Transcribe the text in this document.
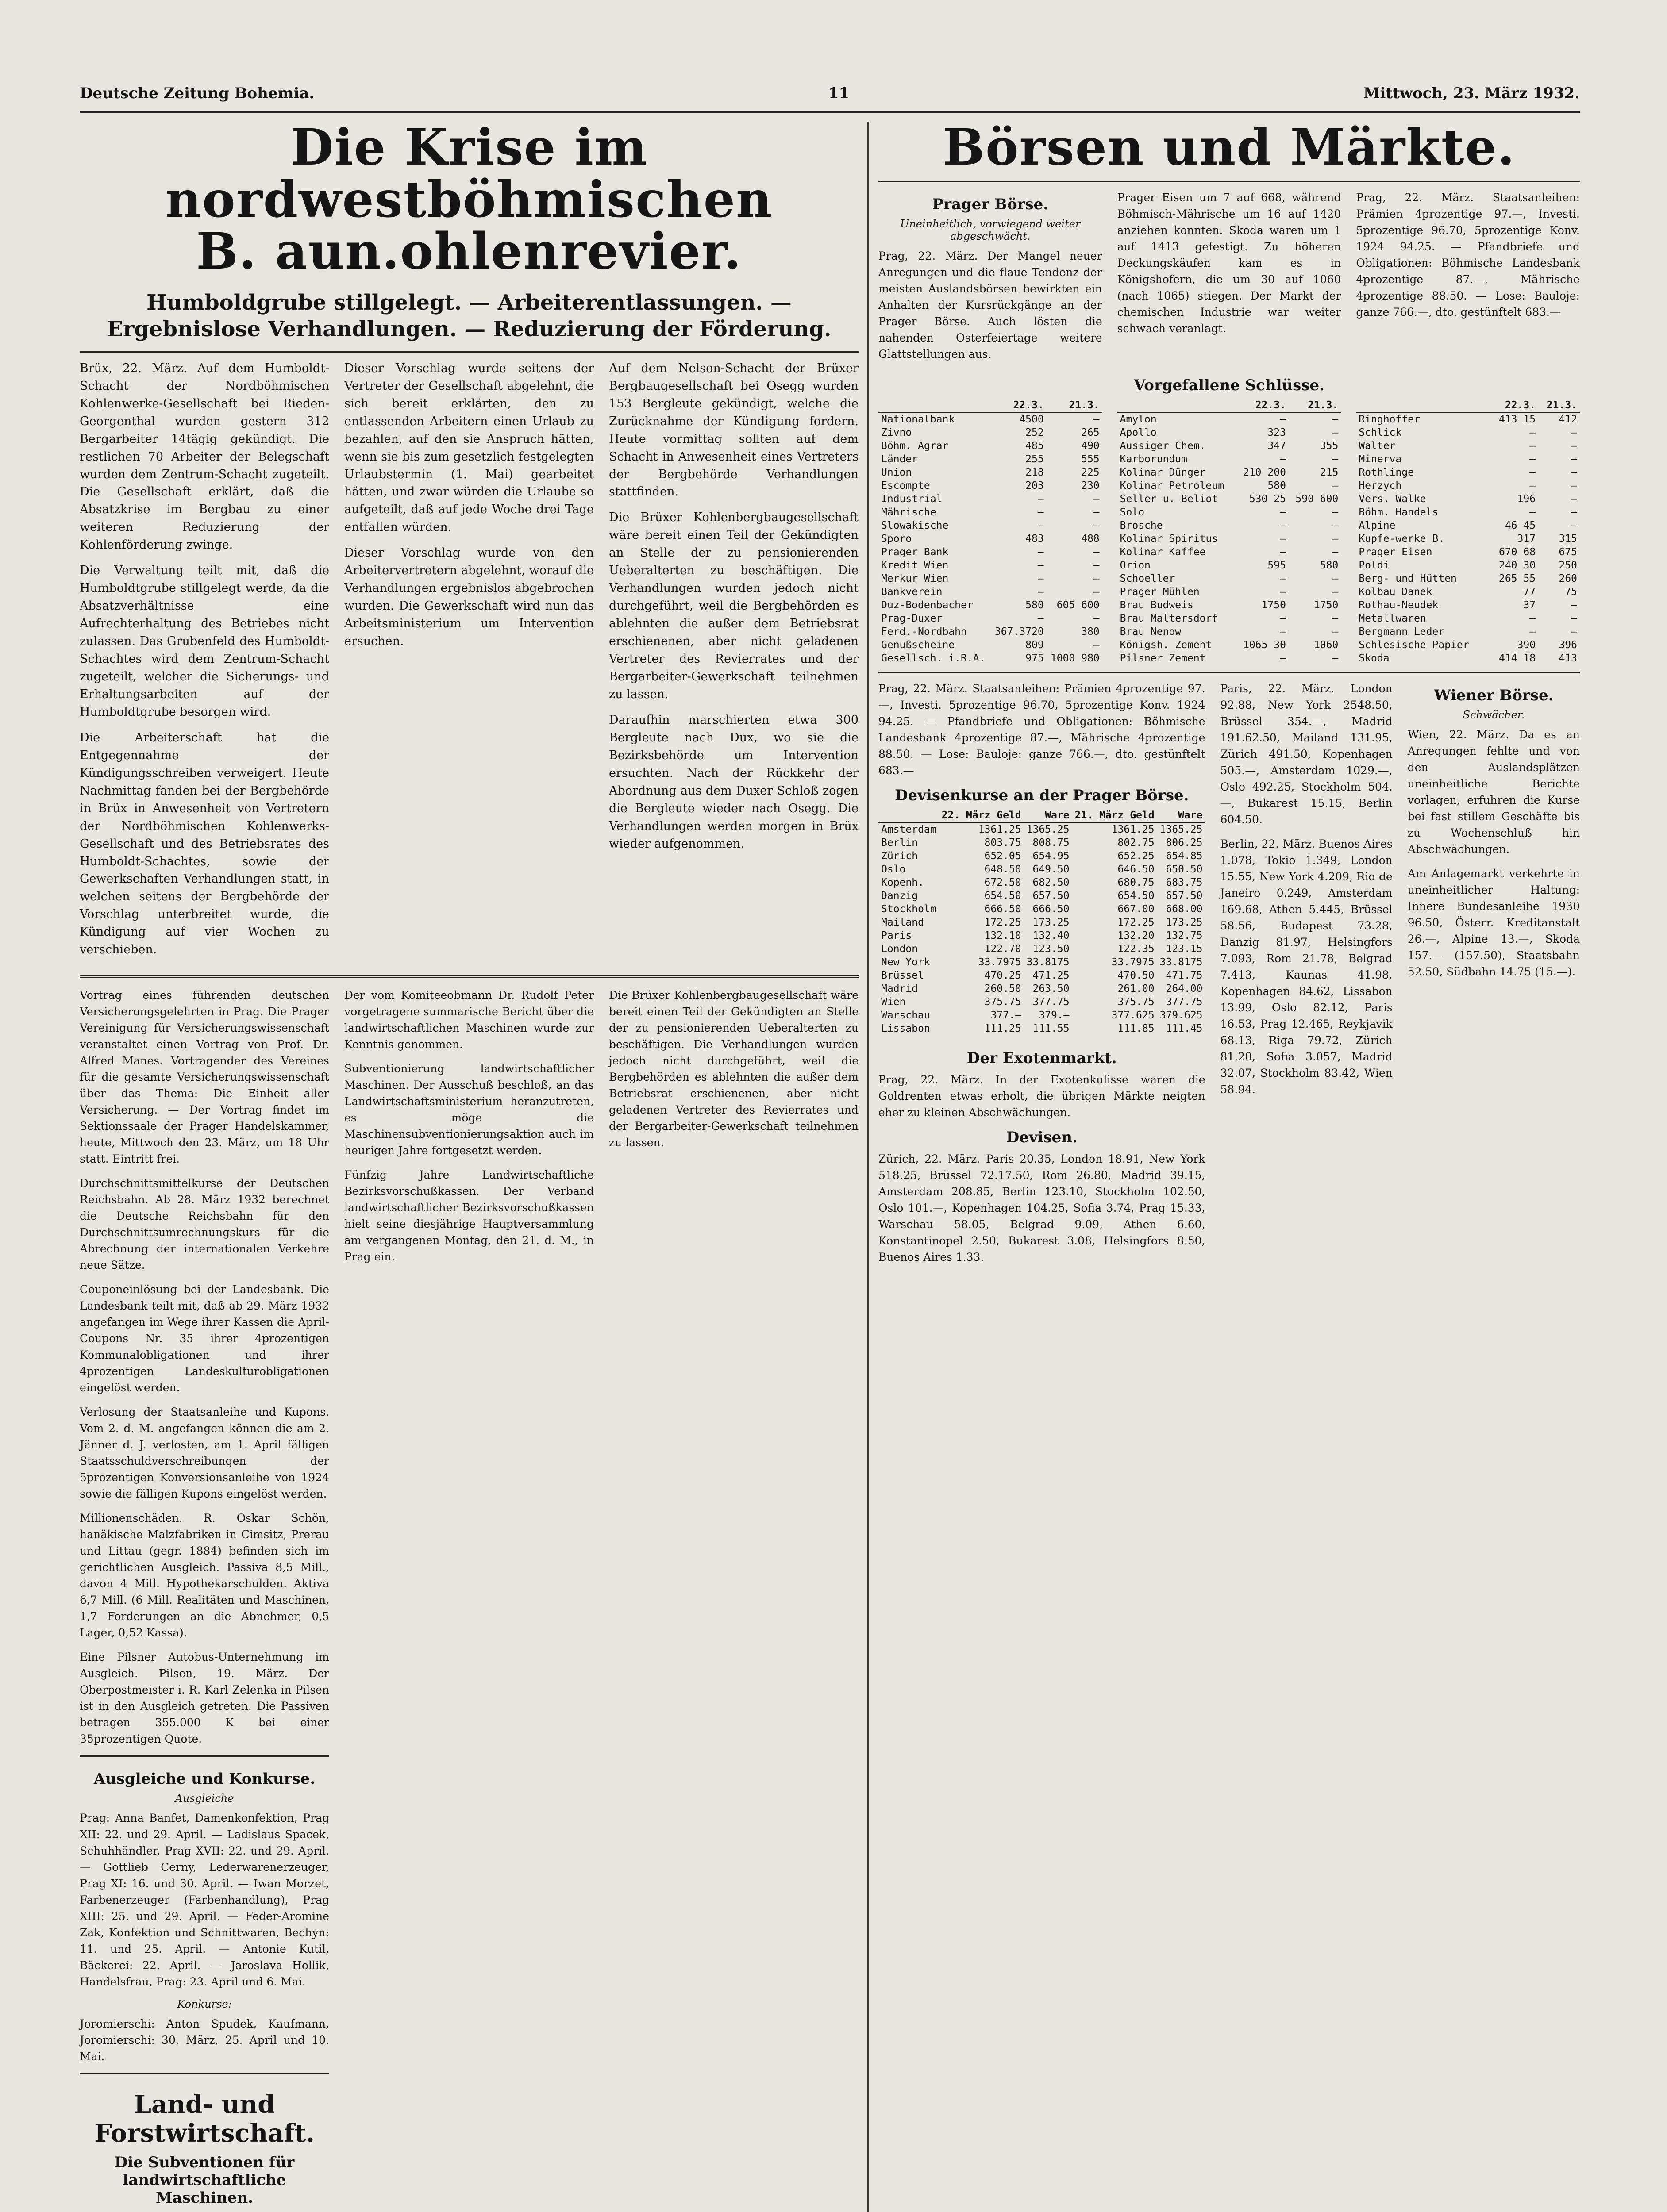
Deutsche Zeitung Bohemia.	11	Mittwoch, 23. März 1932.
Die Krise im nordwestböhmischen
B. aun.ohlenrevier.
Humboldgrube stillgelegt. — Arbeiterentlassungen. — Ergebnislose Verhandlungen. — Reduzierung der Förderung.

Brüx, 22. März. Auf dem Humboldt-Schacht der Nordböhmischen Kohlenwerke-Gesellschaft bei Rieden-Georgenthal wurden gestern 312 Bergarbeiter 14tägig gekündigt. Die restlichen 70 Arbeiter der Belegschaft wurden dem Zentrum-Schacht zugeteilt. Die Gesellschaft erklärt, daß die Absatzkrise im Bergbau zu einer weiteren Reduzierung der Kohlenförderung zwinge.

Die Verwaltung teilt mit, daß die Humboldtgrube stillgelegt werde, da die Absatzverhältnisse eine Aufrechterhaltung des Betriebes nicht zulassen. Das Grubenfeld des Humboldt-Schachtes wird dem Zentrum-Schacht zugeteilt, welcher die Sicherungs- und Erhaltungsarbeiten auf der Humboldtgrube besorgen wird.

Die Arbeiterschaft hat die Entgegennahme der Kündigungsschreiben verweigert. Heute Nachmittag fanden bei der Bergbehörde in Brüx in Anwesenheit von Vertretern der Nordböhmischen Kohlenwerks-Gesellschaft und des Betriebsrates des Humboldt-Schachtes, sowie der Gewerkschaften Verhandlungen statt, in welchen seitens der Bergbehörde der Vorschlag unterbreitet wurde, die Kündigung auf vier Wochen zu verschieben.

Dieser Vorschlag wurde seitens der Vertreter der Gesellschaft abgelehnt, die sich bereit erklärten, den zu entlassenden Arbeitern einen Urlaub zu bezahlen, auf den sie Anspruch hätten, wenn sie bis zum gesetzlich festgelegten Urlaubstermin (1. Mai) gearbeitet hätten, und zwar würden die Urlaube so aufgeteilt, daß auf jede Woche drei Tage entfallen würden.

Dieser Vorschlag wurde von den Arbeitervertretern abgelehnt, worauf die Verhandlungen ergebnislos abgebrochen wurden. Die Gewerkschaft wird nun das Arbeitsministerium um Intervention ersuchen.

Auf dem Nelson-Schacht der Brüxer Bergbaugesellschaft bei Osegg wurden 153 Bergleute gekündigt, welche die Zurücknahme der Kündigung fordern. Heute vormittag sollten auf dem Schacht in Anwesenheit eines Vertreters der Bergbehörde Verhandlungen stattfinden.

Die Brüxer Kohlenbergbaugesellschaft wäre bereit einen Teil der Gekündigten an Stelle der zu pensionierenden Ueberalterten zu beschäftigen. Die Verhandlungen wurden jedoch nicht durchgeführt, weil die Bergbehörden es ablehnten die außer dem Betriebsrat erschienenen, aber nicht geladenen Vertreter des Revierrates und der Bergarbeiter-Gewerkschaft teilnehmen zu lassen.

Daraufhin marschierten etwa 300 Bergleute nach Dux, wo sie die Bezirksbehörde um Intervention ersuchten. Nach der Rückkehr der Abordnung aus dem Duxer Schloß zogen die Bergleute wieder nach Osegg. Die Verhandlungen werden morgen in Brüx wieder aufgenommen.

Vortrag eines führenden deutschen Versicherungsgelehrten in Prag. Die Prager Vereinigung für Versicherungswissenschaft veranstaltet einen Vortrag von Prof. Dr. Alfred Manes. Vortragender des Vereines für die gesamte Versicherungswissenschaft über das Thema: Die Einheit aller Versicherung. — Der Vortrag findet im Sektionssaale der Prager Handelskammer, heute, Mittwoch den 23. März, um 18 Uhr statt. Eintritt frei.

Durchschnittsmittelkurse der Deutschen Reichsbahn. Ab 28. März 1932 berechnet die Deutsche Reichsbahn für den Durchschnittsumrechnungskurs für die Abrechnung der internationalen Verkehre neue Sätze.

Couponeinlösung bei der Landesbank. Die Landesbank teilt mit, daß ab 29. März 1932 angefangen im Wege ihrer Kassen die April-Coupons Nr. 35 ihrer 4prozentigen Kommunalobligationen und ihrer 4prozentigen Landeskulturobligationen eingelöst werden.

Verlosung der Staatsanleihe und Kupons. Vom 2. d. M. angefangen können die am 2. Jänner d. J. verlosten, am 1. April fälligen Staatsschuldverschreibungen der 5prozentigen Konversionsanleihe von 1924 sowie die fälligen Kupons eingelöst werden.

Millionenschäden. R. Oskar Schön, hanäkische Malzfabriken in Cimsitz, Prerau und Littau (gegr. 1884) befinden sich im gerichtlichen Ausgleich. Passiva 8,5 Mill., davon 4 Mill. Hypothekarschulden. Aktiva 6,7 Mill. (6 Mill. Realitäten und Maschinen, 1,7 Forderungen an die Abnehmer, 0,5 Lager, 0,52 Kassa).

Eine Pilsner Autobus-Unternehmung im Ausgleich. Pilsen, 19. März. Der Oberpostmeister i. R. Karl Zelenka in Pilsen ist in den Ausgleich getreten. Die Passiven betragen 355.000 K bei einer 35prozentigen Quote.

Ausgleiche und Konkurse.
Ausgleiche

Prag: Anna Banfet, Damenkonfektion, Prag XII: 22. und 29. April. — Ladislaus Spacek, Schuhhändler, Prag XVII: 22. und 29. April. — Gottlieb Cerny, Lederwarenerzeuger, Prag XI: 16. und 30. April. — Iwan Morzet, Farbenerzeuger (Farbenhandlung), Prag XIII: 25. und 29. April. — Feder-Aromine Zak, Konfektion und Schnittwaren, Bechyn: 11. und 25. April. — Antonie Kutil, Bäckerei: 22. April. — Jaroslava Hollik, Handelsfrau, Prag: 23. April und 6. Mai.

Konkurse:

Joromierschi: Anton Spudek, Kaufmann, Joromierschi: 30. März, 25. April und 10. Mai.

Land- und Forstwirtschaft.
Die Subventionen für landwirtschaftliche Maschinen.

Der vom Komiteeobmann Dr. Rudolf Peter vorgetragene summarische Bericht über die landwirtschaftlichen Maschinen wurde zur Kenntnis genommen.

Subventionierung landwirtschaftlicher Maschinen. Der Ausschuß beschloß, an das Landwirtschaftsministerium heranzutreten, es möge die Maschinensubventionierungsaktion auch im heurigen Jahre fortgesetzt werden.

Fünfzig Jahre Landwirtschaftliche Bezirksvorschußkassen. Der Verband landwirtschaftlicher Bezirksvorschußkassen hielt seine diesjährige Hauptversammlung am vergangenen Montag, den 21. d. M., in Prag ein.

Die Brüxer Kohlenbergbaugesellschaft wäre bereit einen Teil der Gekündigten an Stelle der zu pensionierenden Ueberalterten zu beschäftigen. Die Verhandlungen wurden jedoch nicht durchgeführt, weil die Bergbehörden es ablehnten die außer dem Betriebsrat erschienenen, aber nicht geladenen Vertreter des Revierrates und der Bergarbeiter-Gewerkschaft teilnehmen zu lassen.

Börsen und Märkte.
Prager Börse.
Uneinheitlich, vorwiegend weiter abgeschwächt.

Prag, 22. März. Der Mangel neuer Anregungen und die flaue Tendenz der meisten Auslandsbörsen bewirkten ein Anhalten der Kursrückgänge an der Prager Börse. Auch lösten die nahenden Osterfeiertage weitere Glattstellungen aus.

Prager Eisen um 7 auf 668, während Böhmisch-Mährische um 16 auf 1420 anziehen konnten. Skoda waren um 1 auf 1413 gefestigt. Zu höheren Deckungskäufen kam es in Königshofern, die um 30 auf 1060 (nach 1065) stiegen. Der Markt der chemischen Industrie war weiter schwach veranlagt.

Prag, 22. März. Staatsanleihen: Prämien 4prozentige 97.—, Investi. 5prozentige 96.70, 5prozentige Konv. 1924 94.25. — Pfandbriefe und Obligationen: Böhmische Landesbank 4prozentige 87.—, Mährische 4prozentige 88.50. — Lose: Bauloje: ganze 766.—, dto. gestünftelt 683.—

Vorgefallene Schlüsse.
	22.3.	21.3.
Nationalbank	4500	—
Zivno	252	265
Böhm. Agrar	485	490
Länder	255	555
Union	218	225
Escompte	203	230
Industrial	—	—
Mährische	—	—
Slowakische	—	—
Sporo	483	488
Prager Bank	—	—
Kredit Wien	—	—
Merkur Wien	—	—
Bankverein	—	—
Duz-Bodenbacher	580	605 600
Prag-Duxer	—	—
Ferd.-Nordbahn	367.3720	380
Genußscheine	809	—
Gesellsch. i.R.A.	975	1000 980
	22.3.	21.3.
Amylon	—	—
Apollo	323	—
Aussiger Chem.	347	355
Karborundum	—	—
Kolinar Dünger	210 200	215
Kolinar Petroleum	580	—
Seller u. Beliot	530 25	590 600
Solo	—	—
Brosche	—	—
Kolinar Spiritus	—	—
Kolinar Kaffee	—	—
Orion	595	580
Schoeller	—	—
Prager Mühlen	—	—
Brau Budweis	1750	1750
Brau Maltersdorf	—	—
Brau Nenow	—	—
Königsh. Zement	1065 30	1060
Pilsner Zement	—	—
	22.3.	21.3.
Ringhoffer	413 15	412
Schlick	—	—
Walter	—	—
Minerva	—	—
Rothlinge	—	—
Herzych	—	—
Vers. Walke	196	—
Böhm. Handels	—	—
Alpine	46 45	—
Kupfe-werke B.	317	315
Prager Eisen	670 68	675
Poldi	240 30	250
Berg- und Hütten	265 55	260
Kolbau Danek	77	75
Rothau-Neudek	37	—
Metallwaren	—	—
Bergmann Leder	—	—
Schlesische Papier	390	396
Skoda	414 18	413

Prag, 22. März. Staatsanleihen: Prämien 4prozentige 97.—, Investi. 5prozentige 96.70, 5prozentige Konv. 1924 94.25. — Pfandbriefe und Obligationen: Böhmische Landesbank 4prozentige 87.—, Mährische 4prozentige 88.50. — Lose: Bauloje: ganze 766.—, dto. gestünftelt 683.—

Devisenkurse an der Prager Börse.
	22. März Geld	Ware	21. März Geld	Ware
Amsterdam	1361.25	1365.25	1361.25	1365.25
Berlin	803.75	808.75	802.75	806.25
Zürich	652.05	654.95	652.25	654.85
Oslo	648.50	649.50	646.50	650.50
Kopenh.	672.50	682.50	680.75	683.75
Danzig	654.50	657.50	654.50	657.50
Stockholm	666.50	666.50	667.00	668.00
Mailand	172.25	173.25	172.25	173.25
Paris	132.10	132.40	132.20	132.75
London	122.70	123.50	122.35	123.15
New York	33.7975	33.8175	33.7975	33.8175
Brüssel	470.25	471.25	470.50	471.75
Madrid	260.50	263.50	261.00	264.00
Wien	375.75	377.75	375.75	377.75
Warschau	377.—	379.—	377.625	379.625
Lissabon	111.25	111.55	111.85	111.45
Der Exotenmarkt.

Prag, 22. März. In der Exotenkulisse waren die Goldrenten etwas erholt, die übrigen Märkte neigten eher zu kleinen Abschwächungen.

Devisen.

Zürich, 22. März. Paris 20.35, London 18.91, New York 518.25, Brüssel 72.17.50, Rom 26.80, Madrid 39.15, Amsterdam 208.85, Berlin 123.10, Stockholm 102.50, Oslo 101.—, Kopenhagen 104.25, Sofia 3.74, Prag 15.33, Warschau 58.05, Belgrad 9.09, Athen 6.60, Konstantinopel 2.50, Bukarest 3.08, Helsingfors 8.50, Buenos Aires 1.33.

Paris, 22. März. London 92.88, New York 2548.50, Brüssel 354.—, Madrid 191.62.50, Mailand 131.95, Zürich 491.50, Kopenhagen 505.—, Amsterdam 1029.—, Oslo 492.25, Stockholm 504.—, Bukarest 15.15, Berlin 604.50.

Berlin, 22. März. Buenos Aires 1.078, Tokio 1.349, London 15.55, New York 4.209, Rio de Janeiro 0.249, Amsterdam 169.68, Athen 5.445, Brüssel 58.56, Budapest 73.28, Danzig 81.97, Helsingfors 7.093, Rom 21.78, Belgrad 7.413, Kaunas 41.98, Kopenhagen 84.62, Lissabon 13.99, Oslo 82.12, Paris 16.53, Prag 12.465, Reykjavik 68.13, Riga 79.72, Zürich 81.20, Sofia 3.057, Madrid 32.07, Stockholm 83.42, Wien 58.94.

Wiener Börse.
Schwächer.

Wien, 22. März. Da es an Anregungen fehlte und von den Auslandsplätzen uneinheitliche Berichte vorlagen, erfuhren die Kurse bei fast stillem Geschäfte bis zu Wochenschluß hin Abschwächungen.

Am Anlagemarkt verkehrte in uneinheitlicher Haltung: Innere Bundesanleihe 1930 96.50, Österr. Kreditanstalt 26.—, Alpine 13.—, Skoda 157.— (157.50), Staatsbahn 52.50, Südbahn 14.75 (15.—).
